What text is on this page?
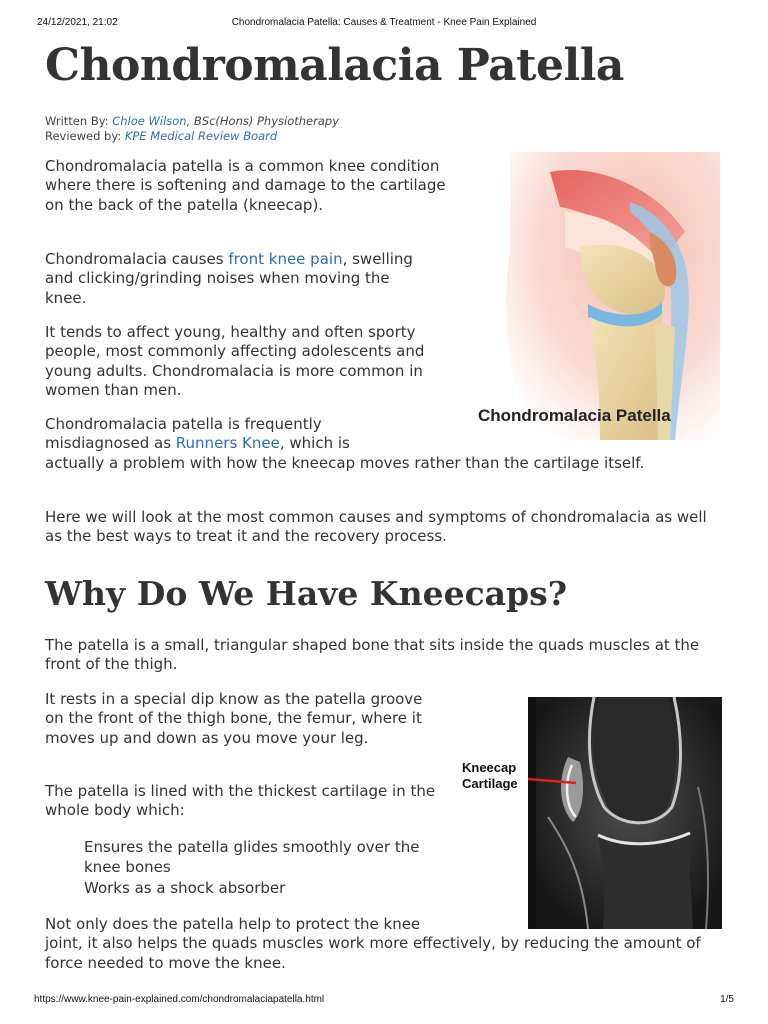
24/12/2021, 21:02	Chondromalacia Patella: Causes & Treatment - Knee Pain Explained
Chondromalacia Patella
Written By: Chloe Wilson, BSc(Hons) Physiotherapy
Reviewed by: KPE Medical Review Board

Chondromalacia patella is a common knee condition where there is softening and damage to the cartilage on the back of the patella (kneecap).

Chondromalacia causes front knee pain, swelling and clicking/grinding noises when moving the knee.

It tends to affect young, healthy and often sporty people, most commonly affecting adolescents and young adults. Chondromalacia is more common in women than men.

Chondromalacia patella is frequently misdiagnosed as Runners Knee, which is actually a problem with how the kneecap moves rather than the cartilage itself.

Here we will look at the most common causes and symptoms of chondromalacia as well as the best ways to treat it and the recovery process.

Chondromalacia Patella
Why Do We Have Kneecaps?

The patella is a small, triangular shaped bone that sits inside the quads muscles at the front of the thigh.

It rests in a special dip know as the patella groove on the front of the thigh bone, the femur, where it moves up and down as you move your leg.

The patella is lined with the thickest cartilage in the whole body which:

Ensures the patella glides smoothly over the knee bones
Works as a shock absorber

Not only does the patella help to protect the knee joint, it also helps the quads muscles work more effectively, by reducing the amount of force needed to move the knee.

Kneecap
Cartilage
https://www.knee-pain-explained.com/chondromalaciapatella.html	1/5
